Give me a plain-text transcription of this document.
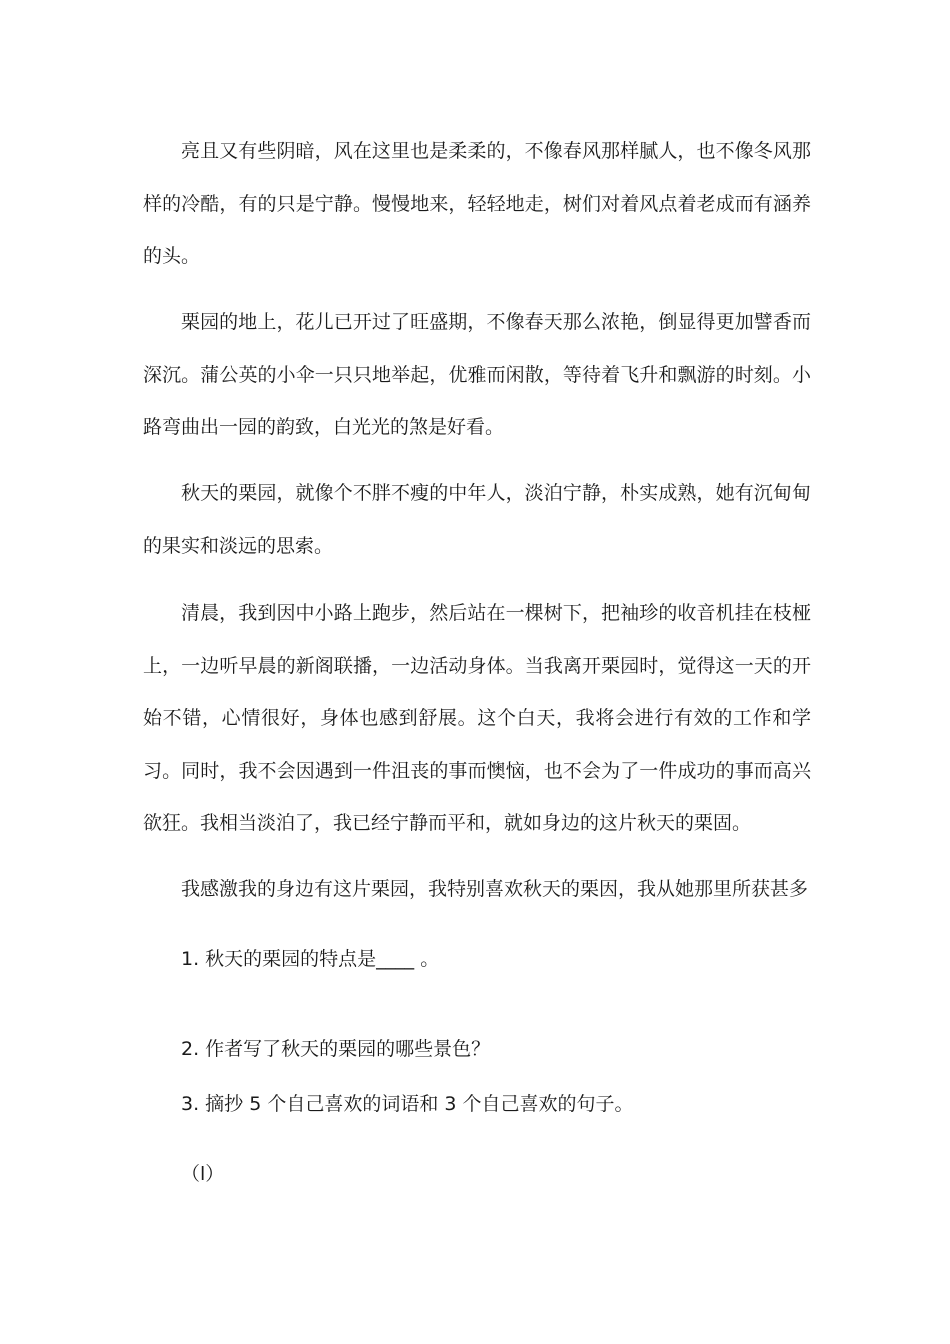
亮且又有些阴暗，风在这里也是柔柔的，不像春风那样腻人，也不像冬风那样的冷酷，有的只是宁静。慢慢地来，轻轻地走，树们对着风点着老成而有涵养的头。

栗园的地上，花儿已开过了旺盛期，不像春天那么浓艳，倒显得更加譬香而深沉。蒲公英的小伞一只只地举起，优雅而闲散，等待着飞升和飘游的时刻。小路弯曲出一园的韵致，白光光的煞是好看。

秋天的栗园，就像个不胖不瘦的中年人，淡泊宁静，朴实成熟，她有沉甸甸的果实和淡远的思索。

清晨，我到因中小路上跑步，然后站在一棵树下，把袖珍的收音机挂在枝桠上，一边听早晨的新阁联播，一边活动身体。当我离开栗园时，觉得这一天的开始不错，心情很好，身体也感到舒展。这个白天，我将会进行有效的工作和学习。同时，我不会因遇到一件沮丧的事而懊恼，也不会为了一件成功的事而高兴欲狂。我相当淡泊了，我已经宁静而平和，就如身边的这片秋天的栗固。

我感激我的身边有这片栗园，我特别喜欢秋天的栗因，我从她那里所获甚多

1. 秋天的栗园的特点是____ 。

2. 作者写了秋天的栗园的哪些景色？

3. 摘抄 5 个自己喜欢的词语和 3 个自己喜欢的句子。

（l）
